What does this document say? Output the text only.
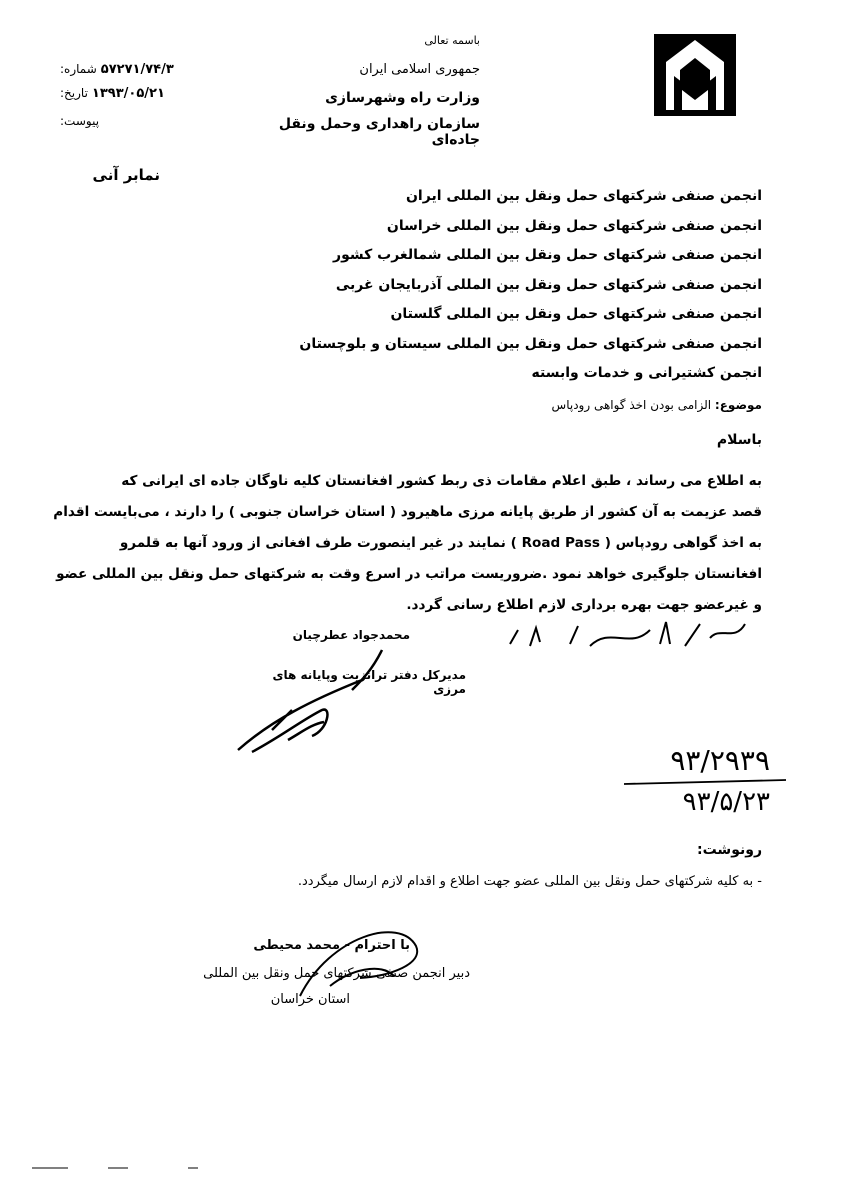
باسمه تعالی
جمهوری اسلامی ایران
وزارت راه وشهرسازی
سازمان راهداری وحمل ونقل جاده‌ای
شماره: ۵۷۲۷۱/۷۴/۳
تاریخ: ۱۳۹۳/۰۵/۲۱
پیوست:
نمابر آنی
انجمن صنفی شرکتهای حمل ونقل بین المللی ایران
انجمن صنفی شرکتهای حمل ونقل بین المللی خراسان
انجمن صنفی شرکتهای حمل ونقل بین المللی شمالغرب کشور
انجمن صنفی شرکتهای حمل ونقل بین المللی آذربایجان غربی
انجمن صنفی شرکتهای حمل ونقل بین المللی گلستان
انجمن صنفی شرکتهای حمل ونقل بین المللی سیستان و بلوچستان
انجمن کشتیرانی و خدمات وابسته
موضوع: الزامی بودن اخذ گواهی رودپاس
باسلام

به اطلاع می رساند ، طبق اعلام مقامات ذی ربط کشور افغانستان کلیه ناوگان جاده ای ایرانی که

قصد عزیمت به آن کشور از طریق پایانه مرزی ماهیرود ( استان خراسان جنوبی ) را دارند ، می‌بایست اقدام

به اخذ گواهی رودپاس ( Road Pass ) نمایند در غیر اینصورت طرف افغانی از ورود آنها به قلمرو

افغانستان جلوگیری خواهد نمود .ضروریست مراتب در اسرع وقت به شرکتهای حمل ونقل بین المللی عضو

و غیرعضو جهت بهره برداری لازم اطلاع رسانی گردد.

محمدجواد عطرچیان
مدیرکل دفتر ترانزیت وپایانه های مرزی
۹۳/۲۹۳۹
۹۳/۵/۲۳
رونوشت:
- به کلیه شرکتهای حمل ونقل بین المللی عضو جهت اطلاع و اقدام لازم ارسال میگردد.
با احترام - محمد محیطی
دبیر انجمن صنفی شرکتهای حمل ونقل بین المللی
استان خراسان
